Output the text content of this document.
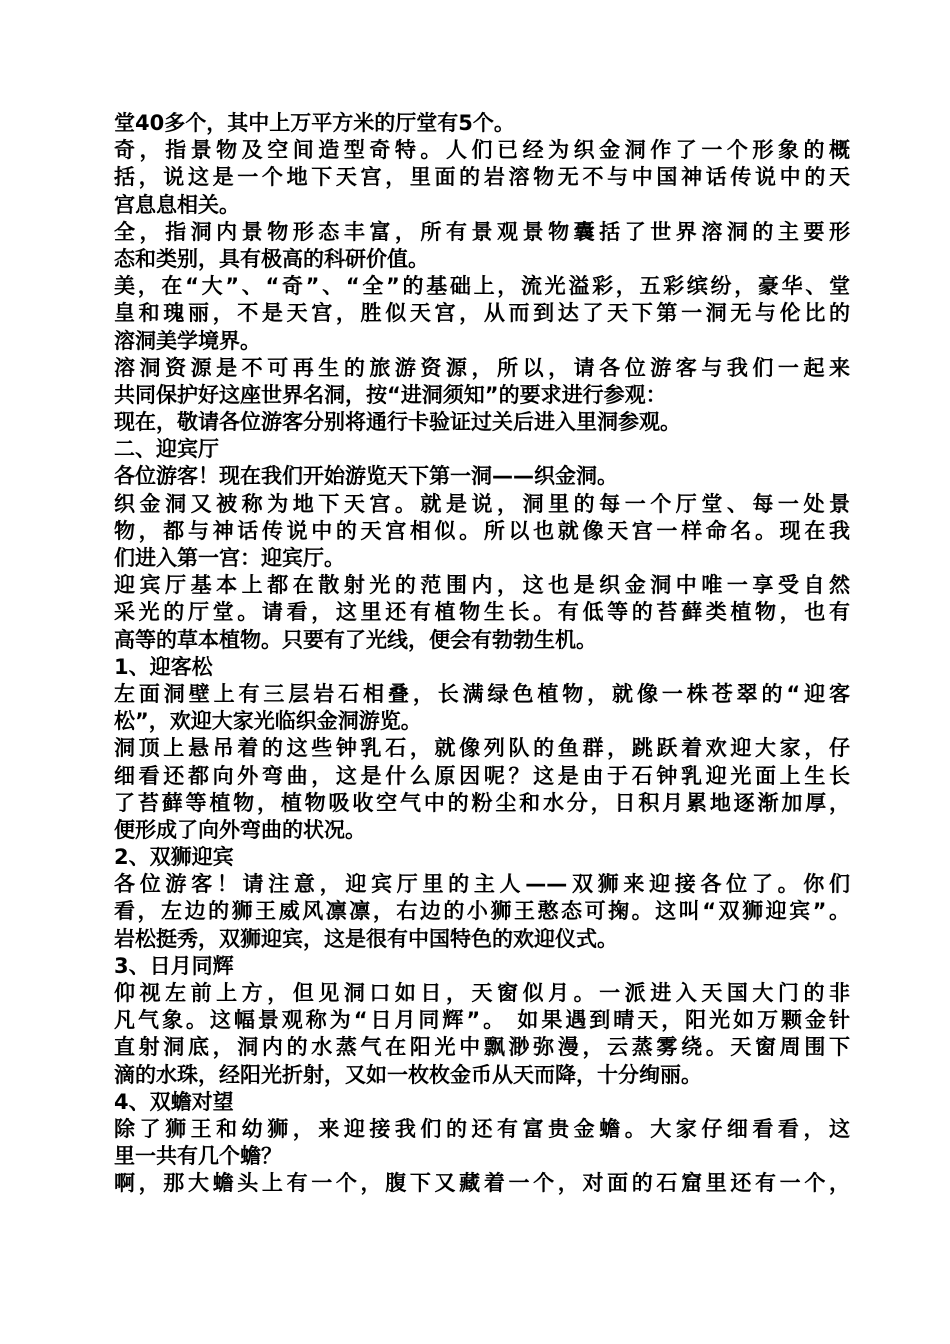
堂40多个，其中上万平方米的厅堂有5个。
奇，指景物及空间造型奇特。人们已经为织金洞作了一个形象的概
括，说这是一个地下天宫，里面的岩溶物无不与中国神话传说中的天
宫息息相关。
全，指洞内景物形态丰富，所有景观景物囊括了世界溶洞的主要形
态和类别，具有极高的科研价值。
美，在“大”、“奇”、“全”的基础上，流光溢彩，五彩缤纷，豪华、堂
皇和瑰丽，不是天宫，胜似天宫，从而到达了天下第一洞无与伦比的
溶洞美学境界。
溶洞资源是不可再生的旅游资源，所以，请各位游客与我们一起来
共同保护好这座世界名洞，按“进洞须知”的要求进行参观：
现在，敬请各位游客分别将通行卡验证过关后进入里洞参观。
二、迎宾厅
各位游客！现在我们开始游览天下第一洞——织金洞。
织金洞又被称为地下天宫。就是说，洞里的每一个厅堂、每一处景
物，都与神话传说中的天宫相似。所以也就像天宫一样命名。现在我
们进入第一宫：迎宾厅。
迎宾厅基本上都在散射光的范围内，这也是织金洞中唯一享受自然
采光的厅堂。请看，这里还有植物生长。有低等的苔藓类植物，也有
高等的草本植物。只要有了光线，便会有勃勃生机。
1、迎客松
左面洞壁上有三层岩石相叠，长满绿色植物，就像一株苍翠的“迎客
松”，欢迎大家光临织金洞游览。
洞顶上悬吊着的这些钟乳石，就像列队的鱼群，跳跃着欢迎大家，仔
细看还都向外弯曲，这是什么原因呢？这是由于石钟乳迎光面上生长
了苔藓等植物，植物吸收空气中的粉尘和水分，日积月累地逐渐加厚，
便形成了向外弯曲的状况。
2、双狮迎宾
各位游客！请注意，迎宾厅里的主人——双狮来迎接各位了。你们
看，左边的狮王威风凛凛，右边的小狮王憨态可掬。这叫“双狮迎宾”。
岩松挺秀，双狮迎宾，这是很有中国特色的欢迎仪式。
3、日月同辉
仰视左前上方，但见洞口如日，天窗似月。一派进入天国大门的非
凡气象。这幅景观称为“日月同辉”。 如果遇到晴天，阳光如万颗金针
直射洞底，洞内的水蒸气在阳光中飘渺弥漫，云蒸雾绕。天窗周围下
滴的水珠，经阳光折射，又如一枚枚金币从天而降，十分绚丽。
4、双蟾对望
除了狮王和幼狮，来迎接我们的还有富贵金蟾。大家仔细看看，这
里一共有几个蟾？
啊，那大蟾头上有一个，腹下又藏着一个，对面的石窟里还有一个，
